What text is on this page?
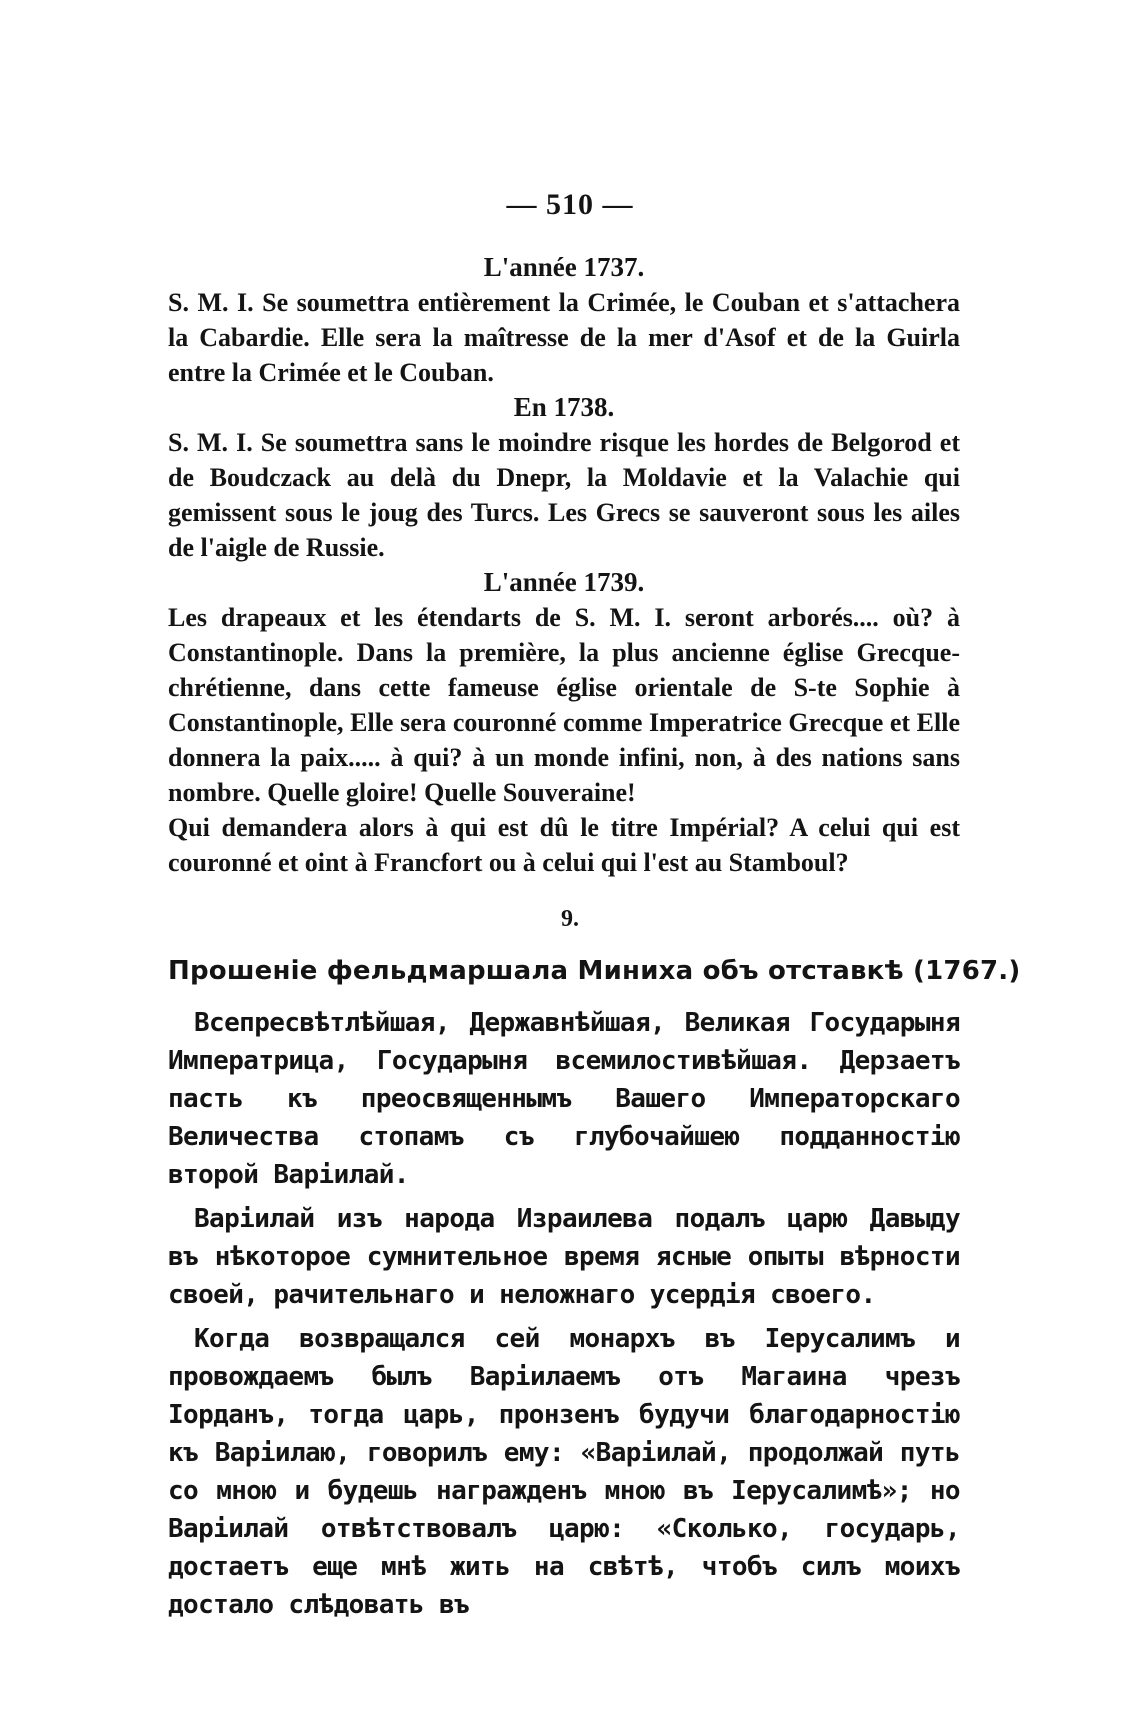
— 510 —
L'année 1737.

S. M. I. Se soumettra entièrement la Crimée, le Couban et s'attachera la Cabardie. Elle sera la maîtresse de la mer d'Asof et de la Guirla entre la Crimée et le Couban.

En 1738.

S. M. I. Se soumettra sans le moindre risque les hordes de Belgorod et de Boudczack au delà du Dnepr, la Moldavie et la Valachie qui gemissent sous le joug des Turcs. Les Grecs se sauveront sous les ailes de l'aigle de Russie.

L'année 1739.

Les drapeaux et les étendarts de S. M. I. seront arborés.... où? à Constantinople. Dans la première, la plus ancienne église Grecque-chrétienne, dans cette fameuse église orientale de S-te Sophie à Constantinople, Elle sera couronné comme Imperatrice Grecque et Elle donnera la paix..... à qui? à un monde infini, non, à des nations sans nombre. Quelle gloire! Quelle Souveraine!

Qui demandera alors à qui est dû le titre Impérial? A celui qui est couronné et oint à Francfort ou à celui qui l'est au Stamboul?

9.
Прошеніе фельдмаршала Миниха объ отставкѣ (1767.)

Всепресвѣтлѣйшая, Державнѣйшая, Великая Государыня Императрица, Государыня всемилостивѣйшая. Дерзаетъ пасть къ преосвященнымъ Вашего Императорскаго Величества стопамъ съ глубочайшею подданностію второй Варіилай.

Варіилай изъ народа Израилева подалъ царю Давыду въ нѣкоторое сумнительное время ясные опыты вѣрности своей, рачительнаго и неложнаго усердія своего.

Когда возвращался сей монархъ въ Іерусалимъ и провождаемъ былъ Варіилаемъ отъ Магаина чрезъ Іорданъ, тогда царь, пронзенъ будучи благодарностію къ Варіилаю, говорилъ ему: «Варіилай, продолжай путь со мною и будешь награжденъ мною въ Іерусалимѣ»; но Варіилай отвѣтствовалъ царю: «Сколько, государь, достаетъ еще мнѣ жить на свѣтѣ, чтобъ силъ моихъ достало слѣдовать въ
